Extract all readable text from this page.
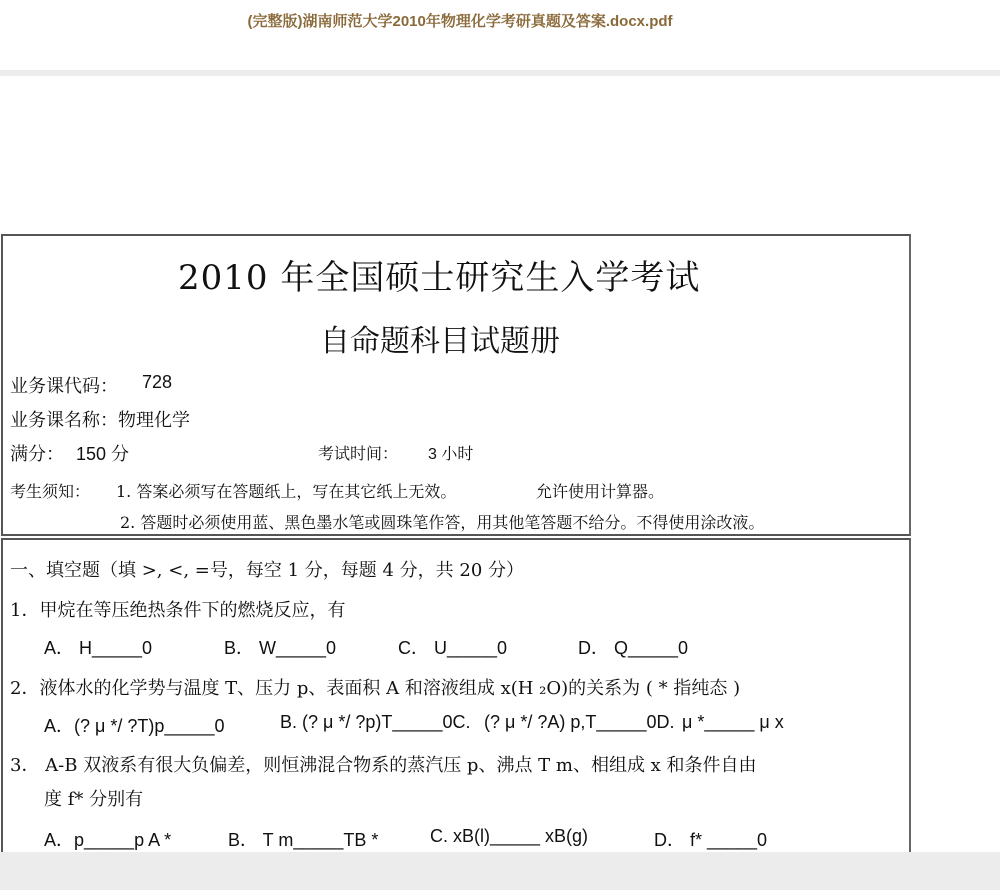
(完整版)湖南师范大学2010年物理化学考研真题及答案.docx.pdf
2010 年全国硕士研究生入学考试
自命题科目试题册
业务课代码： 728
业务课名称：物理化学
满分： 150 分	考试时间： 3 小时
考生须知： 1. 答案必须写在答题纸上，写在其它纸上无效。	允许使用计算器。
2. 答题时必须使用蓝、黑色墨水笔或圆珠笔作答，用其他笔答题不给分。不得使用涂改液。
一、填空题（填 >, <, =号，每空 1 分，每题 4 分，共 20 分）
1．甲烷在等压绝热条件下的燃烧反应，有
A． H_____0	B． W_____0	C． U_____0	D． Q_____0
2．液体水的化学势与温度 T、压力 p、表面积 A 和溶液组成 x(H ₂O)的关系为 ( * 指纯态 )
A．(? μ */ ?T)p_____0	B. (? μ */ ?p)T_____0C. (? μ */ ?A) p,T_____0D. μ *_____ μ x
3． A-B 双液系有很大负偏差，则恒沸混合物系的蒸汽压 p、沸点 T m、相组成 x 和条件自由
度 f* 分别有
A．p_____p A *	B． T m_____TB *	C. xB(l)_____ xB(g)	D． f* _____0
